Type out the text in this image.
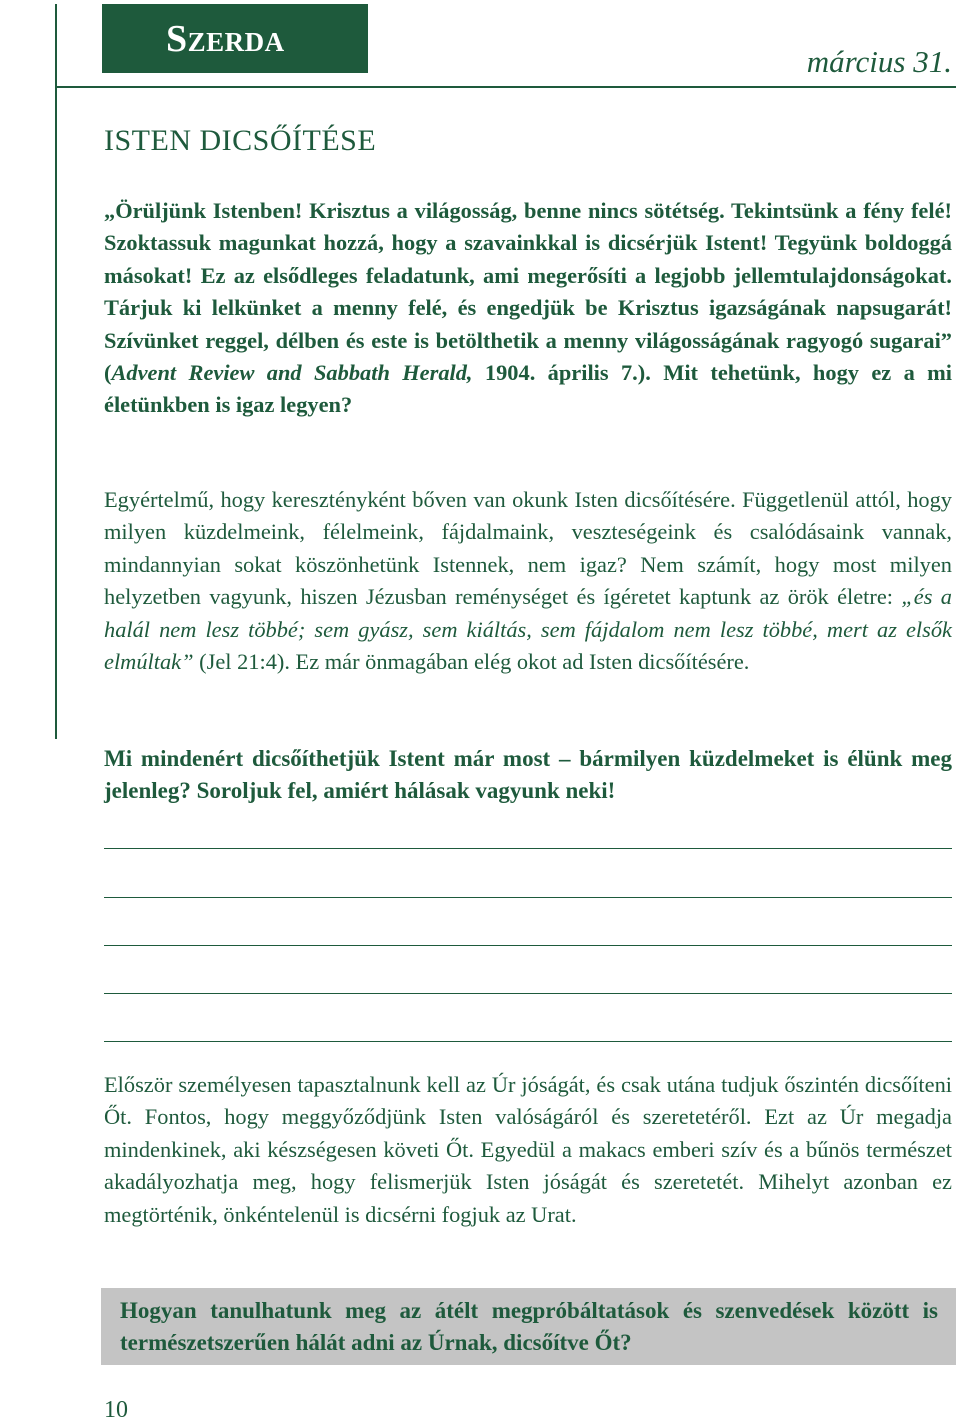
Szerda
március 31.
ISTEN DICSŐÍTÉSE
„Örüljünk Istenben! Krisztus a világosság, benne nincs sötétség. Tekintsünk a fény felé! Szoktassuk magunkat hozzá, hogy a szavainkkal is dicsérjük Istent! Tegyünk boldoggá másokat! Ez az elsődleges feladatunk, ami megerősíti a legjobb jellemtulajdonságokat. Tárjuk ki lelkünket a menny felé, és engedjük be Krisztus igazságának napsugarát! Szívünket reggel, délben és este is betölthetik a menny világosságának ragyogó sugarai” (Advent Review and Sabbath Herald, 1904. április 7.). Mit tehetünk, hogy ez a mi életünkben is igaz legyen?
Egyértelmű, hogy keresztényként bőven van okunk Isten dicsőítésére. Függetlenül attól, hogy milyen küzdelmeink, félelmeink, fájdalmaink, veszteségeink és csalódásaink vannak, mindannyian sokat köszönhetünk Istennek, nem igaz? Nem számít, hogy most milyen helyzetben vagyunk, hiszen Jézusban reménységet és ígéretet kaptunk az örök életre: „és a halál nem lesz többé; sem gyász, sem kiáltás, sem fájdalom nem lesz többé, mert az elsők elmúltak” (Jel 21:4). Ez már önmagában elég okot ad Isten dicsőítésére.
Mi mindenért dicsőíthetjük Istent már most – bármilyen küzdelmeket is élünk meg jelenleg? Soroljuk fel, amiért hálásak vagyunk neki!
Először személyesen tapasztalnunk kell az Úr jóságát, és csak utána tudjuk őszintén dicsőíteni Őt. Fontos, hogy meggyőződjünk Isten valóságáról és szeretetéről. Ezt az Úr megadja mindenkinek, aki készségesen követi Őt. Egyedül a makacs emberi szív és a bűnös természet akadályozhatja meg, hogy felismerjük Isten jóságát és szeretetét. Mihelyt azonban ez megtörténik, önkéntelenül is dicsérni fogjuk az Urat.
Hogyan tanulhatunk meg az átélt megpróbáltatások és szenvedések között is természetszerűen hálát adni az Úrnak, dicsőítve Őt?
10
